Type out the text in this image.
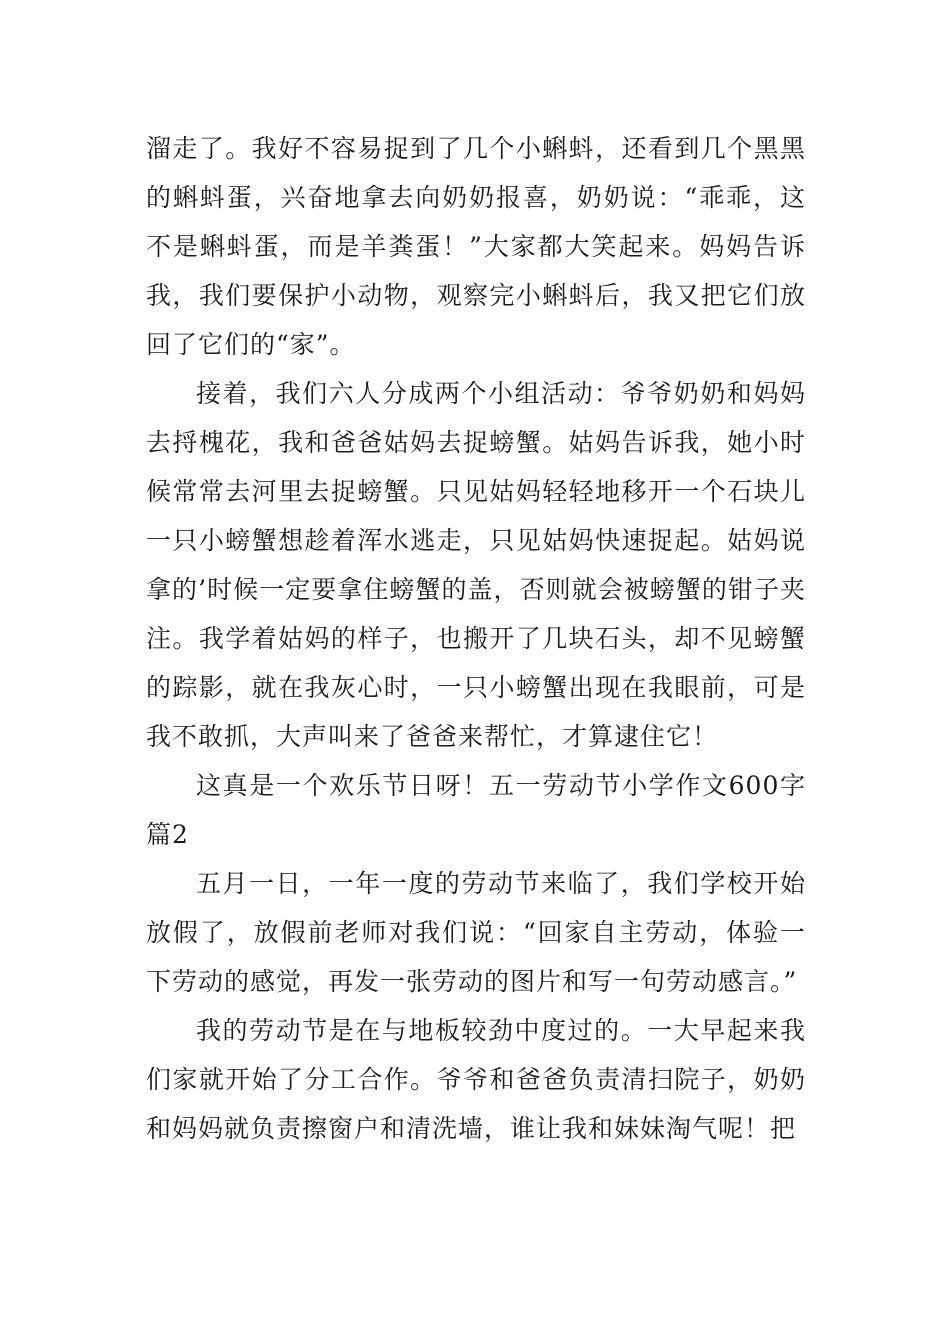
溜走了。我好不容易捉到了几个小蝌蚪，还看到几个黑黑的蝌蚪蛋，兴奋地拿去向奶奶报喜，奶奶说：“乖乖，这不是蝌蚪蛋，而是羊粪蛋！”大家都大笑起来。妈妈告诉我，我们要保护小动物，观察完小蝌蚪后，我又把它们放回了它们的“家”。

接着，我们六人分成两个小组活动：爷爷奶奶和妈妈去捋槐花，我和爸爸姑妈去捉螃蟹。姑妈告诉我，她小时候常常去河里去捉螃蟹。只见姑妈轻轻地移开一个石块儿一只小螃蟹想趁着浑水逃走，只见姑妈快速捉起。姑妈说拿的’时候一定要拿住螃蟹的盖，否则就会被螃蟹的钳子夹注。我学着姑妈的样子，也搬开了几块石头，却不见螃蟹的踪影，就在我灰心时，一只小螃蟹出现在我眼前，可是我不敢抓，大声叫来了爸爸来帮忙，才算逮住它！

这真是一个欢乐节日呀！五一劳动节小学作文600字篇2

五月一日，一年一度的劳动节来临了，我们学校开始放假了，放假前老师对我们说：“回家自主劳动，体验一下劳动的感觉，再发一张劳动的图片和写一句劳动感言。”

我的劳动节是在与地板较劲中度过的。一大早起来我们家就开始了分工合作。爷爷和爸爸负责清扫院子，奶奶和妈妈就负责擦窗户和清洗墙，谁让我和妹妹淘气呢！把
